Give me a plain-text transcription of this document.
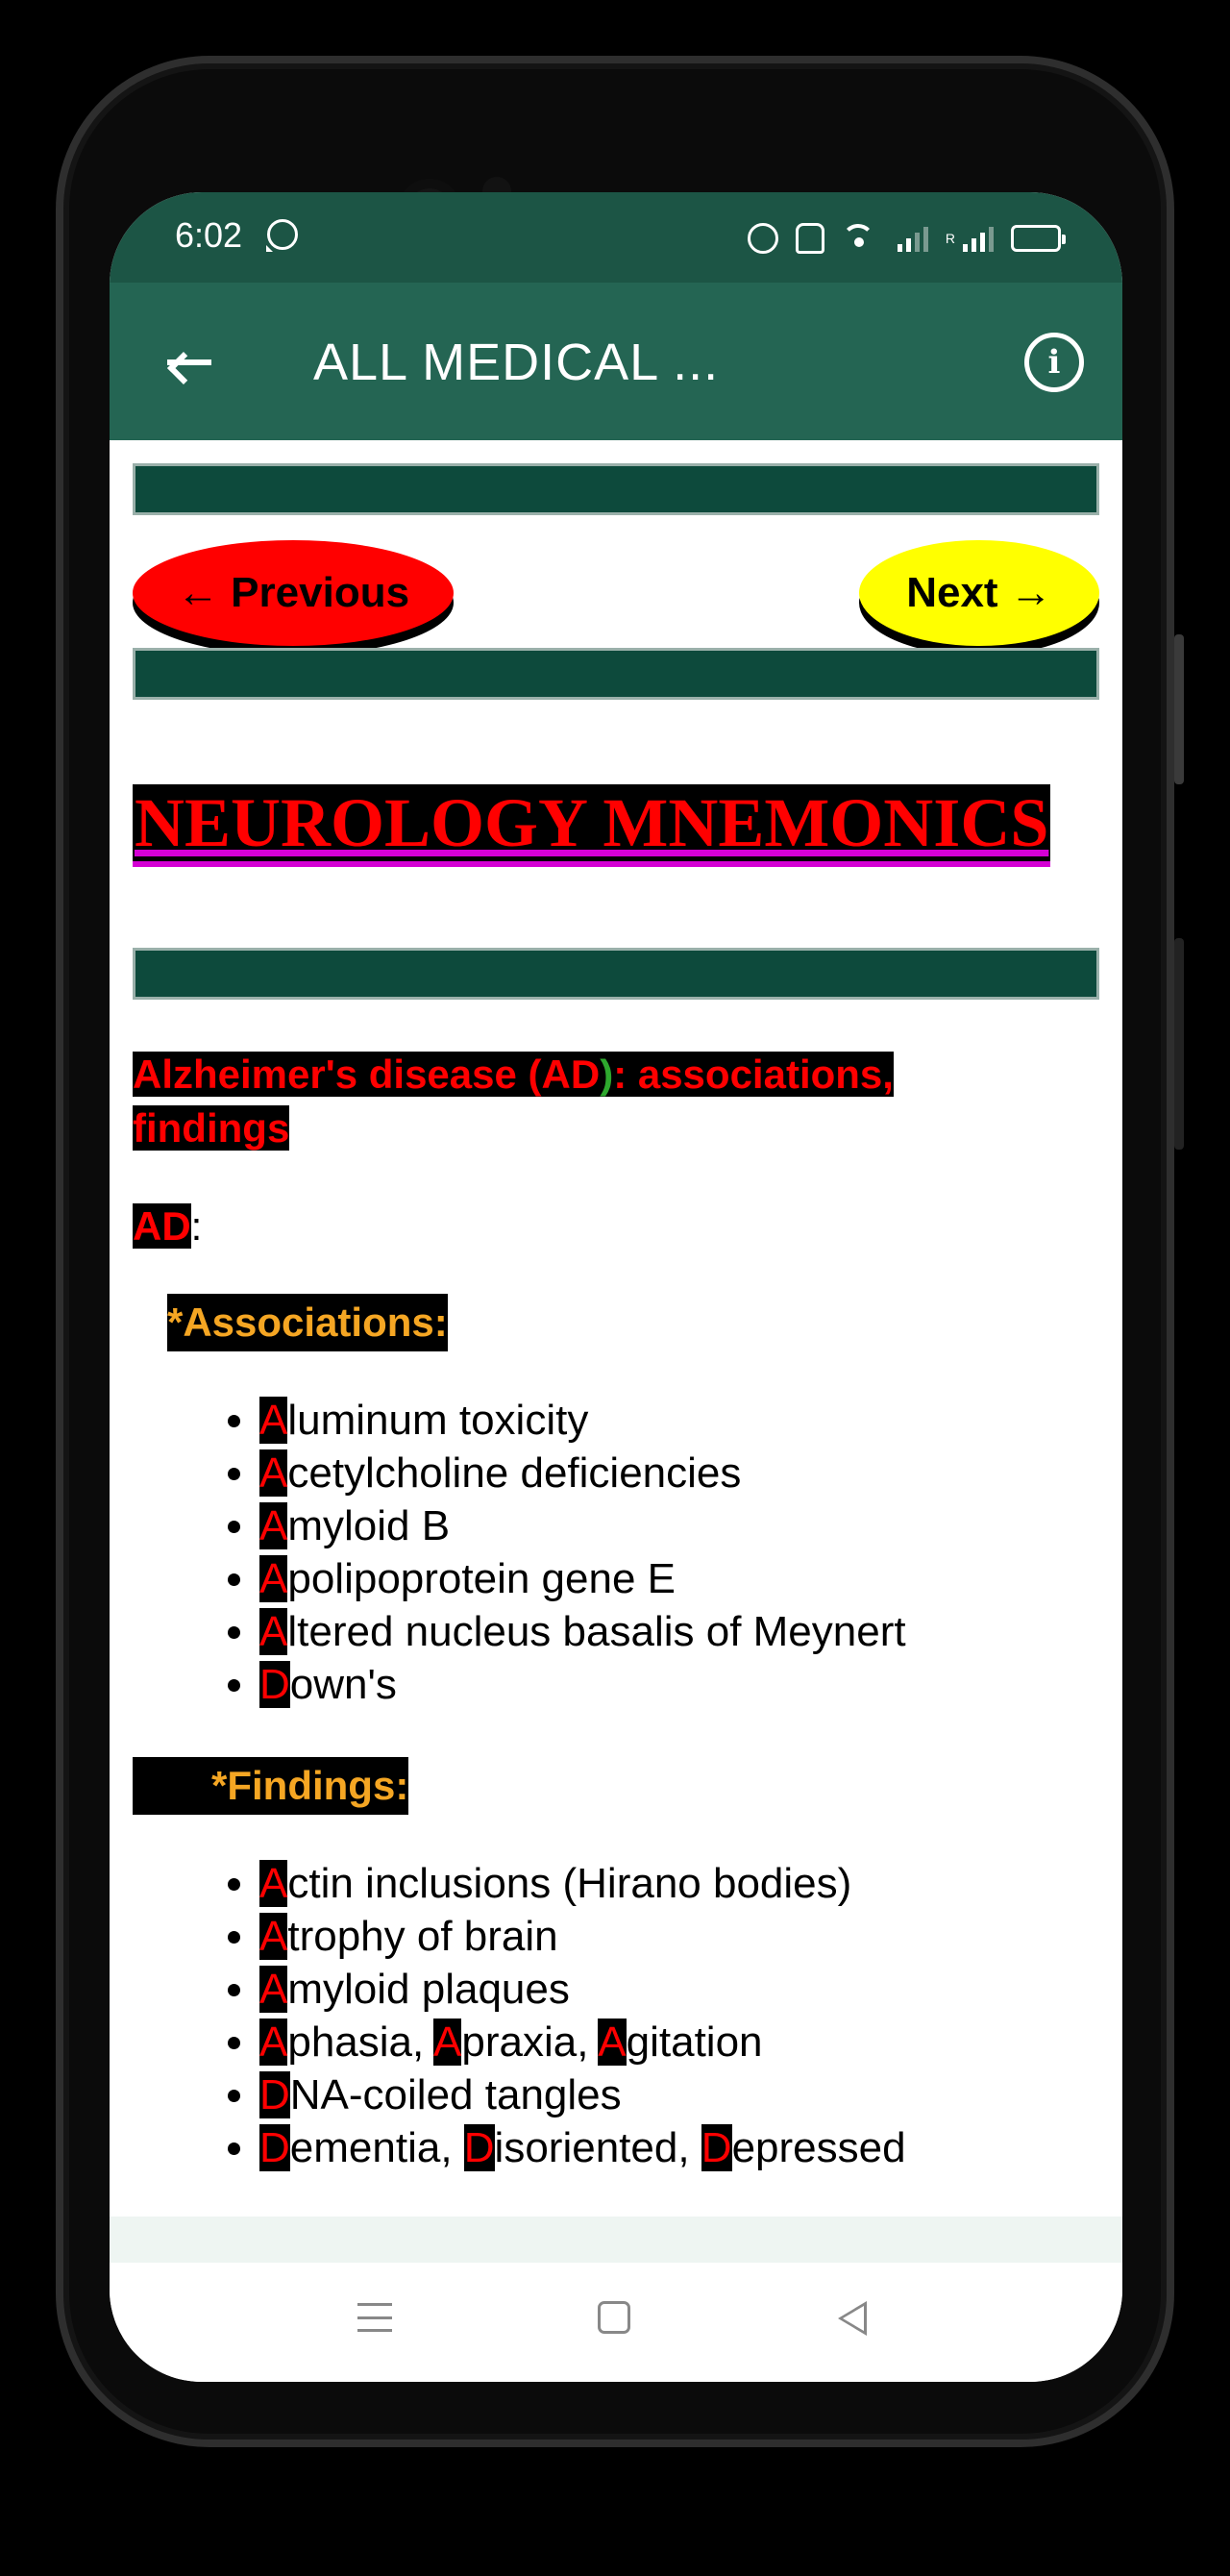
6:02	R
ALL MEDICAL ...	i
← Previous	Next →
NEUROLOGY MNEMONICS
Alzheimer's disease (AD): associations, findings
AD:
*Associations:
• Aluminum toxicity
• Acetylcholine deficiencies
• Amyloid B
• Apolipoprotein gene E
• Altered nucleus basalis of Meynert
• Down's
*Findings:
• Actin inclusions (Hirano bodies)
• Atrophy of brain
• Amyloid plaques
• Aphasia, Apraxia, Agitation
• DNA-coiled tangles
• Dementia, Disoriented, Depressed
